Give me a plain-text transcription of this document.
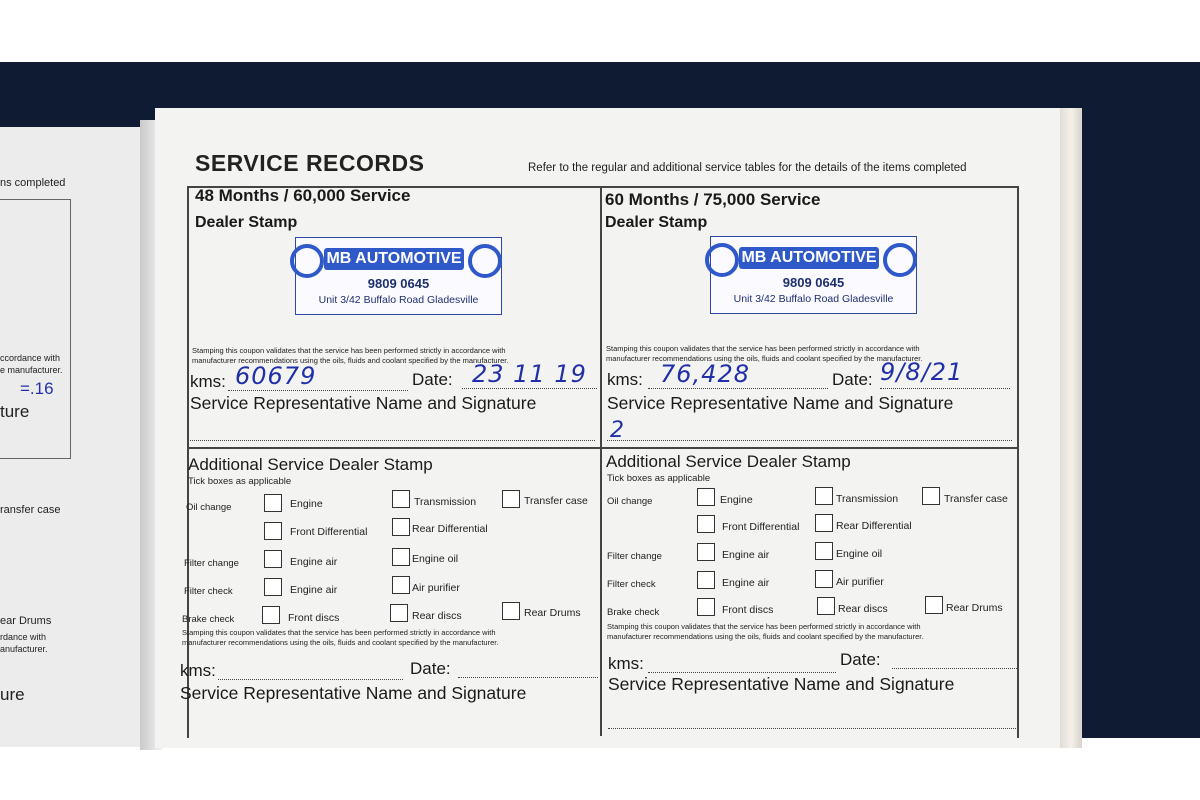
ns completed
ccordance with
e manufacturer.
=.16
ture
ransfer case
ear Drums
rdance with
anufacturer.
ure
SERVICE RECORDS	Refer to the regular and additional service tables for the details of the items completed
48 Months / 60,000 Service
Dealer Stamp
MB AUTOMOTIVE
9809 0645
Unit 3/42 Buffalo Road Gladesville
Stamping this coupon validates that the service has been performed strictly in accordance with
manufacturer recommendations using the oils, fluids and coolant specified by the manufacturer.
kms: 60679	Date: 23 11 19
Service Representative Name and Signature
60 Months / 75,000 Service
Dealer Stamp
MB AUTOMOTIVE
9809 0645
Unit 3/42 Buffalo Road Gladesville
Stamping this coupon validates that the service has been performed strictly in accordance with
manufacturer recommendations using the oils, fluids and coolant specified by the manufacturer.
kms: 76,428	Date: 9/8/21
Service Representative Name and Signature
2
Additional Service Dealer Stamp
Tick boxes as applicable
Oil change	Engine	Transmission	Transfer case
Front Differential	Rear Differential
Filter change	Engine air	Engine oil
Filter check	Engine air	Air purifier
Brake check	Front discs	Rear discs	Rear Drums
Stamping this coupon validates that the service has been performed strictly in accordance with
manufacturer recommendations using the oils, fluids and coolant specified by the manufacturer.
kms:	Date:
Service Representative Name and Signature
Additional Service Dealer Stamp
Tick boxes as applicable
Oil change	Engine	Transmission	Transfer case
Front Differential	Rear Differential
Filter change	Engine air	Engine oil
Filter check	Engine air	Air purifier
Brake check	Front discs	Rear discs	Rear Drums
Stamping this coupon validates that the service has been performed strictly in accordance with
manufacturer recommendations using the oils, fluids and coolant specified by the manufacturer.
kms:	Date:
Service Representative Name and Signature
